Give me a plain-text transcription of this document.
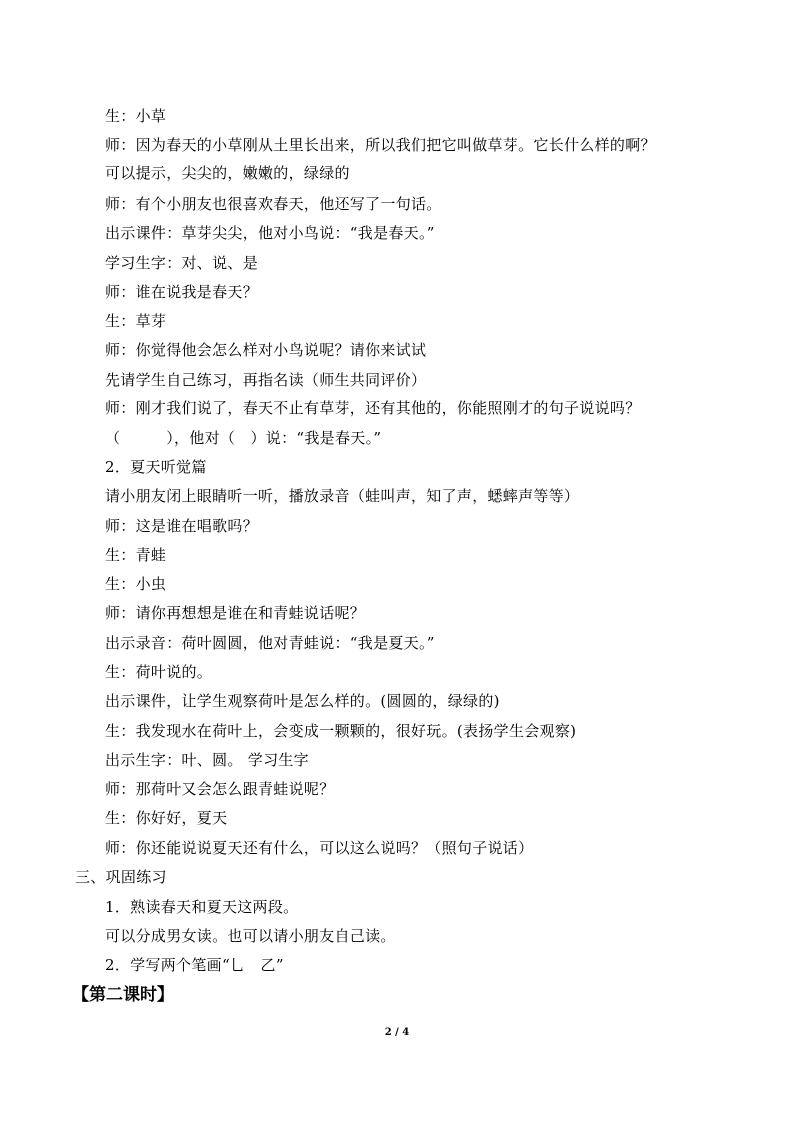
生：小草
师：因为春天的小草刚从土里长出来，所以我们把它叫做草芽。它长什么样的啊？
可以提示，尖尖的，嫩嫩的，绿绿的
师：有个小朋友也很喜欢春天，他还写了一句话。
出示课件：草芽尖尖，他对小鸟说：“我是春天。”
学习生字：对、说、是
师：谁在说我是春天？
生：草芽
师：你觉得他会怎么样对小鸟说呢？请你来试试
先请学生自己练习，再指名读（师生共同评价）
师：刚才我们说了，春天不止有草芽，还有其他的，你能照刚才的句子说说吗？
（　　　），他对（　）说：“我是春天。”
2．夏天听觉篇
请小朋友闭上眼睛听一听，播放录音（蛙叫声，知了声，蟋蟀声等等）
师：这是谁在唱歌吗？
生：青蛙
生：小虫
师：请你再想想是谁在和青蛙说话呢？
出示录音：荷叶圆圆，他对青蛙说：“我是夏天。”
生：荷叶说的。
出示课件，让学生观察荷叶是怎么样的。(圆圆的，绿绿的)
生：我发现水在荷叶上，会变成一颗颗的，很好玩。(表扬学生会观察)
出示生字：叶、圆。 学习生字
师：那荷叶又会怎么跟青蛙说呢？
生：你好好，夏天
师：你还能说说夏天还有什么，可以这么说吗？（照句子说话）
三、巩固练习
1．熟读春天和夏天这两段。
可以分成男女读。也可以请小朋友自己读。
2．学写两个笔画“乚　乙”
【第二课时】
2 / 4
